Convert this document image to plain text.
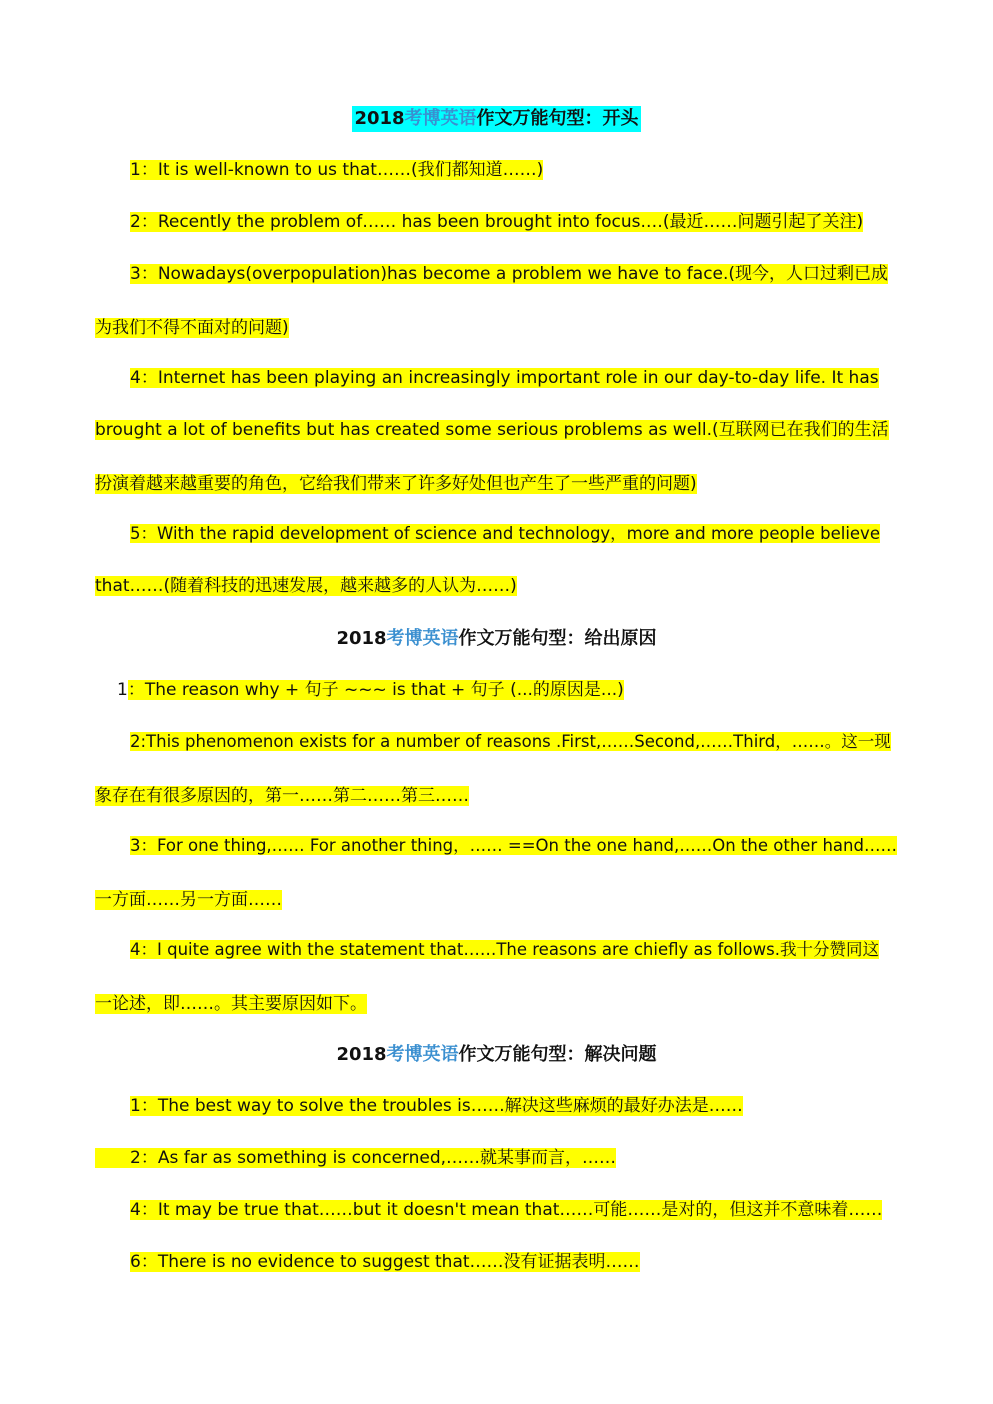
2018考博英语作文万能句型：开头
1：It is well-known to us that……(我们都知道……)
2：Recently the problem of…… has been brought into focus.…(最近……问题引起了关注)
3：Nowadays(overpopulation)has become a problem we have to face.(现今，人口过剩已成
为我们不得不面对的问题)
4：Internet has been playing an increasingly important role in our day-to-day life. It has
brought a lot of benefits but has created some serious problems as well.(互联网已在我们的生活
扮演着越来越重要的角色，它给我们带来了许多好处但也产生了一些严重的问题)
5：With the rapid development of science and technology，more and more people believe
that……(随着科技的迅速发展，越来越多的人认为……)
2018考博英语作文万能句型：给出原因
1：The reason why + 句子 ~~~ is that + 句子 (...的原因是...)
2:This phenomenon exists for a number of reasons .First,……Second,……Third，……。这一现
象存在有很多原因的，第一……第二……第三……
3：For one thing,…… For another thing，…… ==On the one hand,……On the other hand……
一方面……另一方面……
4：I quite agree with the statement that……The reasons are chiefly as follows.我十分赞同这
一论述，即……。其主要原因如下。
2018考博英语作文万能句型：解决问题
1：The best way to solve the troubles is……解决这些麻烦的最好办法是……
2：As far as something is concerned,……就某事而言，……
4：It may be true that……but it doesn't mean that……可能……是对的，但这并不意味着……
6：There is no evidence to suggest that……没有证据表明……
